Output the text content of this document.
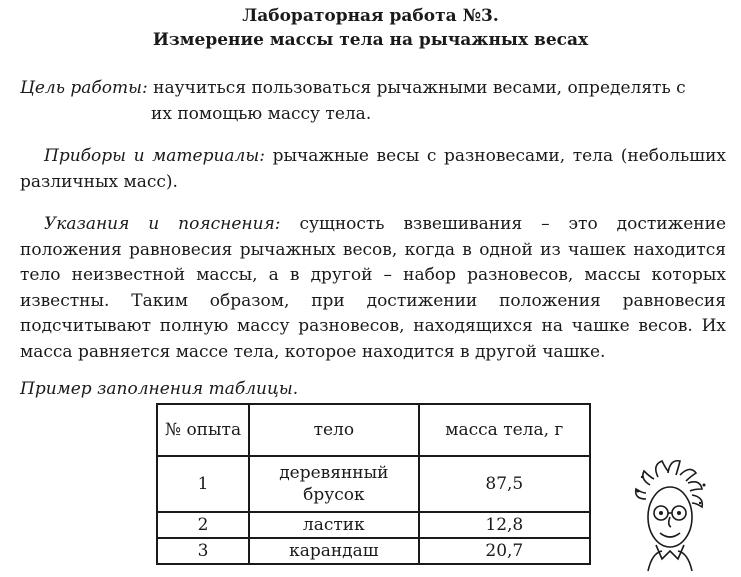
Лабораторная работа №3.
Измерение массы тела на рычажных весах
Цель работы: научиться пользоваться рычажными весами, определять с
их помощью массу тела.
Приборы и материалы: рычажные весы с разновесами, тела (небольших различных масс).
Указания и пояснения: сущность взвешивания – это достижение положения равновесия рычажных весов, когда в одной из чашек находится тело неизвестной массы, а в другой – набор разновесов, массы которых известны. Таким образом, при достижении положения равновесия подсчитывают полную массу разновесов, находящихся на чашке весов. Их масса равняется массе тела, которое находится в другой чашке.
Пример заполнения таблицы.
№ опыта	тело	масса тела, г
1	деревянный брусок	87,5
2	ластик	12,8
3	карандаш	20,7
